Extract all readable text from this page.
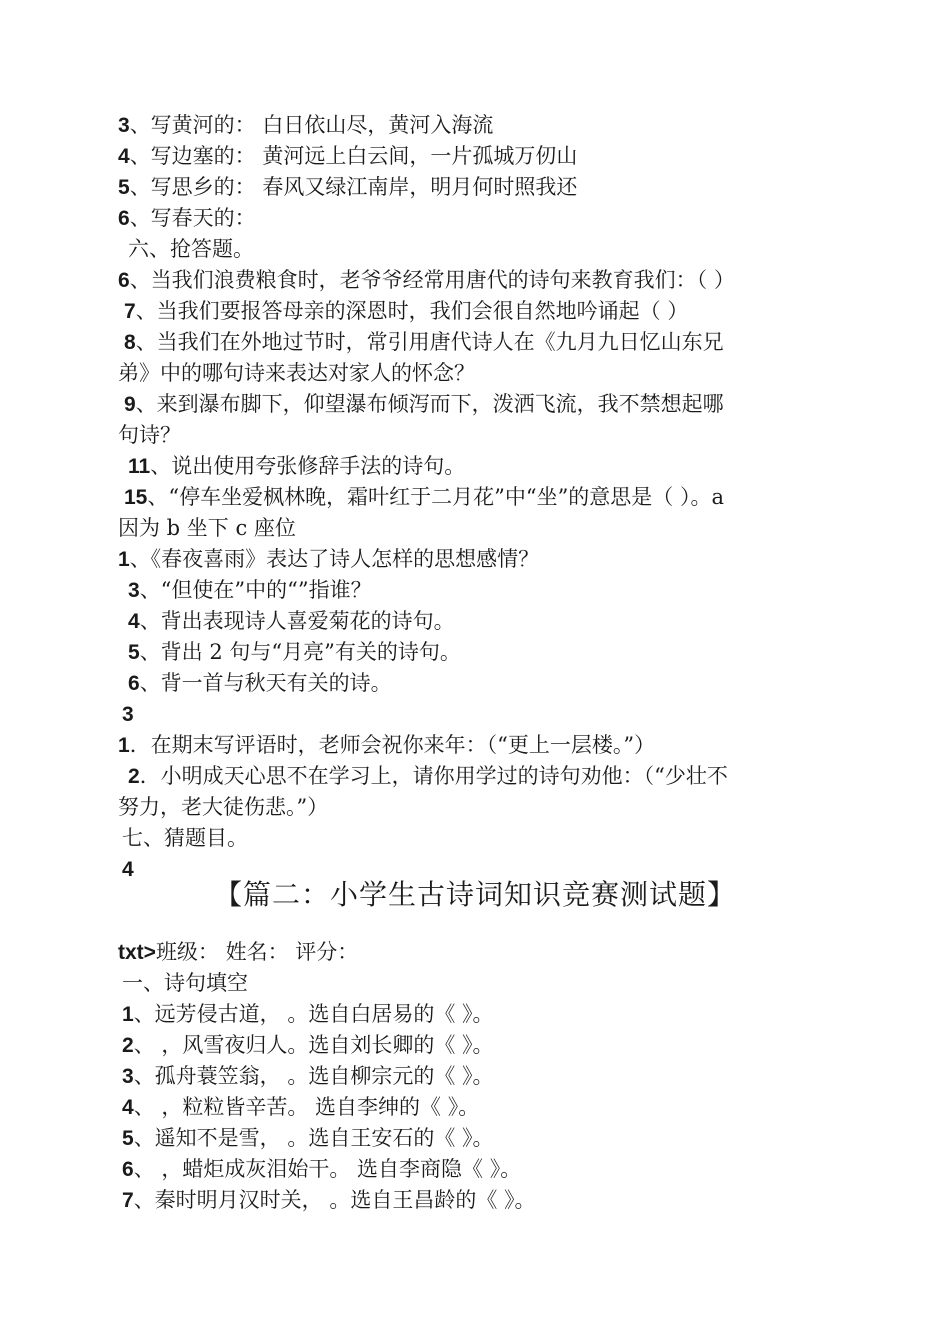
3、写黄河的： 白日依山尽，黄河入海流
4、写边塞的： 黄河远上白云间，一片孤城万仞山
5、写思乡的： 春风又绿江南岸，明月何时照我还
6、写春天的：
六、抢答题。
6、当我们浪费粮食时，老爷爷经常用唐代的诗句来教育我们：（ ）
7、当我们要报答母亲的深恩时，我们会很自然地吟诵起（ ）
8、当我们在外地过节时，常引用唐代诗人在《九月九日忆山东兄
弟》中的哪句诗来表达对家人的怀念？
9、来到瀑布脚下，仰望瀑布倾泻而下，泼洒飞流，我不禁想起哪
句诗？
11、说出使用夸张修辞手法的诗句。
15、“停车坐爱枫林晚，霜叶红于二月花”中“坐”的意思是（ ）。a
因为 b 坐下 c 座位
1、《春夜喜雨》表达了诗人怎样的思想感情？
3、“但使在”中的“”指谁？
4、背出表现诗人喜爱菊花的诗句。
5、背出 2 句与“月亮”有关的诗句。
6、背一首与秋天有关的诗。
3
1．在期末写评语时，老师会祝你来年：（“更上一层楼。”）
2．小明成天心思不在学习上，请你用学过的诗句劝他：（“少壮不
努力，老大徒伤悲。”）
七、猜题目。
4
【篇二：小学生古诗词知识竞赛测试题】
txt>班级： 姓名： 评分：
一、诗句填空
1、远芳侵古道， 。选自白居易的《 》。
2、 ，风雪夜归人。选自刘长卿的《 》。
3、孤舟蓑笠翁， 。选自柳宗元的《 》。
4、 ，粒粒皆辛苦。 选自李绅的《 》。
5、遥知不是雪， 。选自王安石的《 》。
6、 ，蜡炬成灰泪始干。 选自李商隐《 》。
7、秦时明月汉时关， 。选自王昌龄的《 》。
